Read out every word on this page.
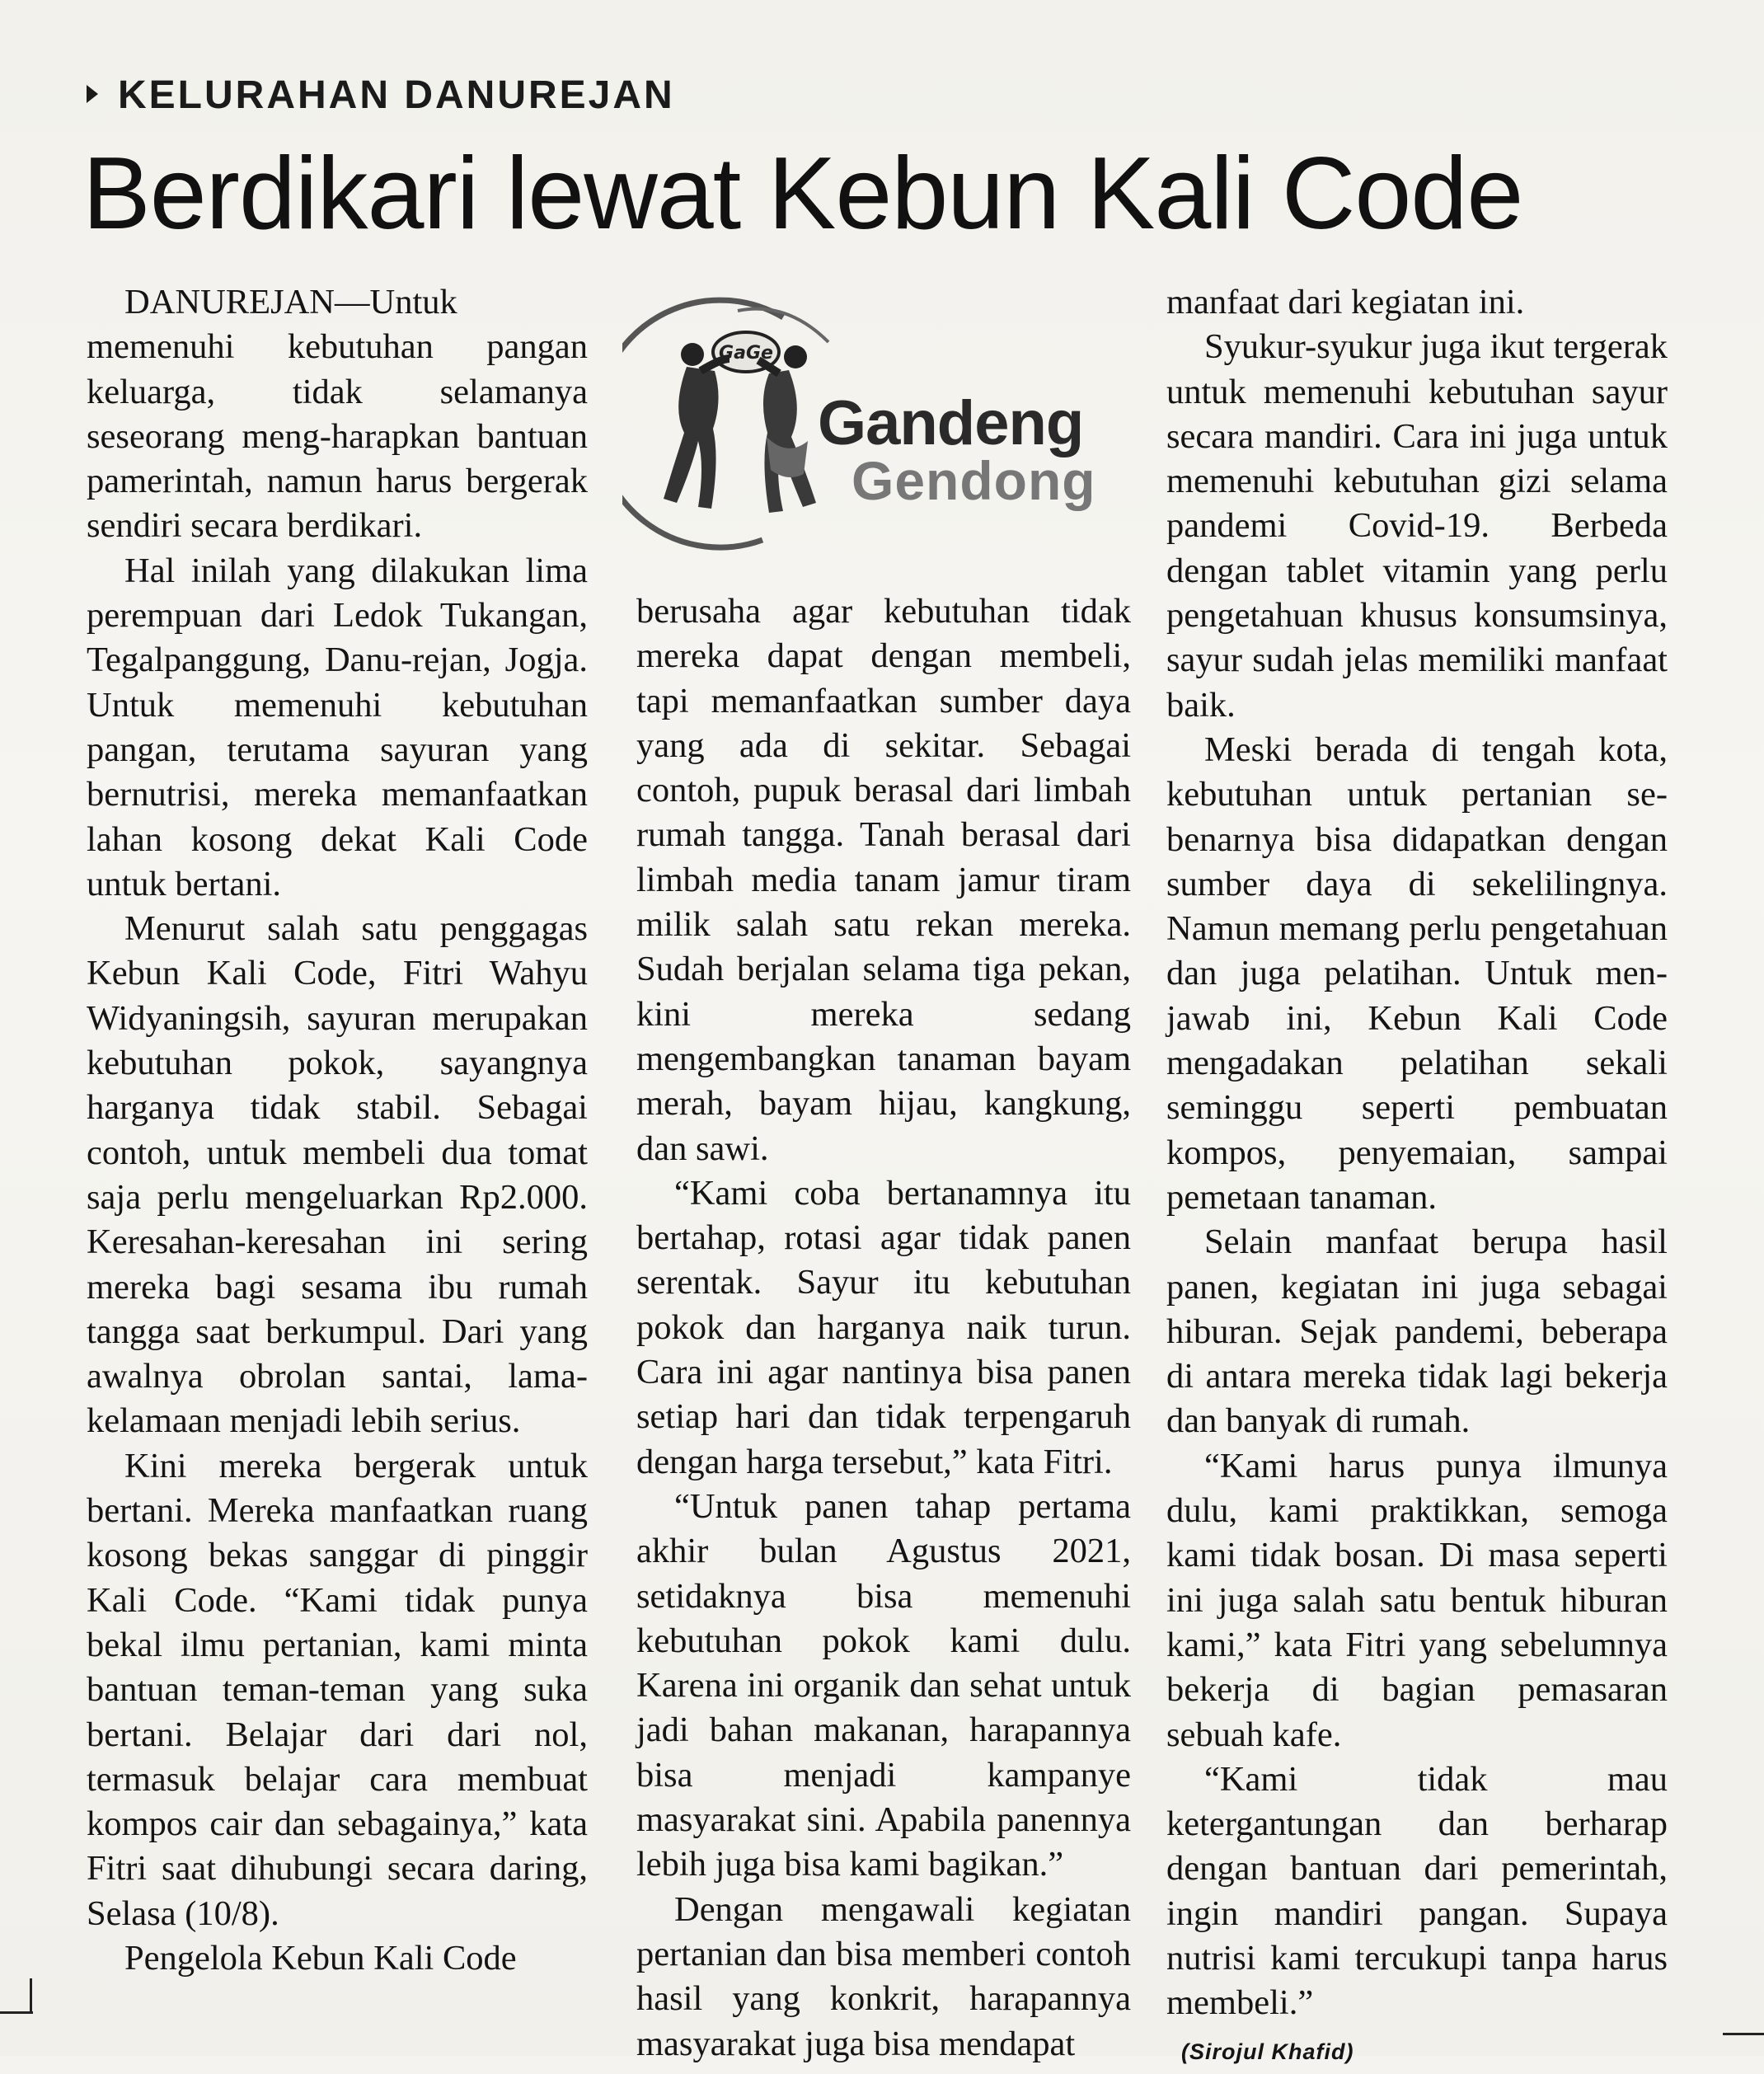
KELURAHAN DANUREJAN
Berdikari lewat Kebun Kali Code

DANUREJAN—Untuk memenuhi kebutuhan pangan keluarga, tidak selamanya seseorang meng-harapkan bantuan pamerintah, namun harus bergerak sendiri secara berdikari.

Hal inilah yang dilakukan lima perempuan dari Ledok Tukangan, Tegalpanggung, Danu-rejan, Jogja. Untuk memenuhi kebutuhan pangan, terutama sayuran yang bernutrisi, mereka memanfaatkan lahan kosong dekat Kali Code untuk bertani.

Menurut salah satu penggagas Kebun Kali Code, Fitri Wahyu Widyaningsih, sayuran merupakan kebutuhan pokok, sayangnya harganya tidak stabil. Sebagai contoh, untuk membeli dua tomat saja perlu mengeluarkan Rp2.000. Keresahan-keresahan ini sering mereka bagi sesama ibu rumah tangga saat berkumpul. Dari yang awalnya obrolan santai, lama-kelamaan menjadi lebih serius.

Kini mereka bergerak untuk bertani. Mereka manfaatkan ruang kosong bekas sanggar di pinggir Kali Code. “Kami tidak punya bekal ilmu pertanian, kami minta bantuan teman-teman yang suka bertani. Belajar dari dari nol, termasuk belajar cara membuat kompos cair dan sebagainya,” kata Fitri saat dihubungi secara daring, Selasa (10/8).

Pengelola Kebun Kali Code

GaGe
Gandeng
Gendong

berusaha agar kebutuhan tidak mereka dapat dengan membeli, tapi memanfaatkan sumber daya yang ada di sekitar. Sebagai contoh, pupuk berasal dari limbah rumah tangga. Tanah berasal dari limbah media tanam jamur tiram milik salah satu rekan mereka. Sudah berjalan selama tiga pekan, kini mereka sedang mengembangkan tanaman bayam merah, bayam hijau, kangkung, dan sawi.

“Kami coba bertanamnya itu bertahap, rotasi agar tidak panen serentak. Sayur itu kebutuhan pokok dan harganya naik turun. Cara ini agar nantinya bisa panen setiap hari dan tidak terpengaruh dengan harga tersebut,” kata Fitri.

“Untuk panen tahap pertama akhir bulan Agustus 2021, setidaknya bisa memenuhi kebutuhan pokok kami dulu. Karena ini organik dan sehat untuk jadi bahan makanan, harapannya bisa menjadi kampanye masyarakat sini. Apabila panennya lebih juga bisa kami bagikan.”

Dengan mengawali kegiatan pertanian dan bisa memberi contoh hasil yang konkrit, harapannya masyarakat juga bisa mendapat

manfaat dari kegiatan ini.

Syukur-syukur juga ikut tergerak untuk memenuhi kebutuhan sayur secara mandiri. Cara ini juga untuk memenuhi kebutuhan gizi selama pandemi Covid-19. Berbeda dengan tablet vitamin yang perlu pengetahuan khusus konsumsinya, sayur sudah jelas memiliki manfaat baik.

Meski berada di tengah kota, kebutuhan untuk pertanian se-benarnya bisa didapatkan dengan sumber daya di sekelilingnya. Namun memang perlu pengetahuan dan juga pelatihan. Untuk men-jawab ini, Kebun Kali Code mengadakan pelatihan sekali seminggu seperti pembuatan kompos, penyemaian, sampai pemetaan tanaman.

Selain manfaat berupa hasil panen, kegiatan ini juga sebagai hiburan. Sejak pandemi, beberapa di antara mereka tidak lagi bekerja dan banyak di rumah.

“Kami harus punya ilmunya dulu, kami praktikkan, semoga kami tidak bosan. Di masa seperti ini juga salah satu bentuk hiburan kami,” kata Fitri yang sebelumnya bekerja di bagian pemasaran sebuah kafe.

“Kami tidak mau ketergantungan dan berharap dengan bantuan dari pemerintah, ingin mandiri pangan. Supaya nutrisi kami tercukupi tanpa harus membeli.”

(Sirojul Khafid)
